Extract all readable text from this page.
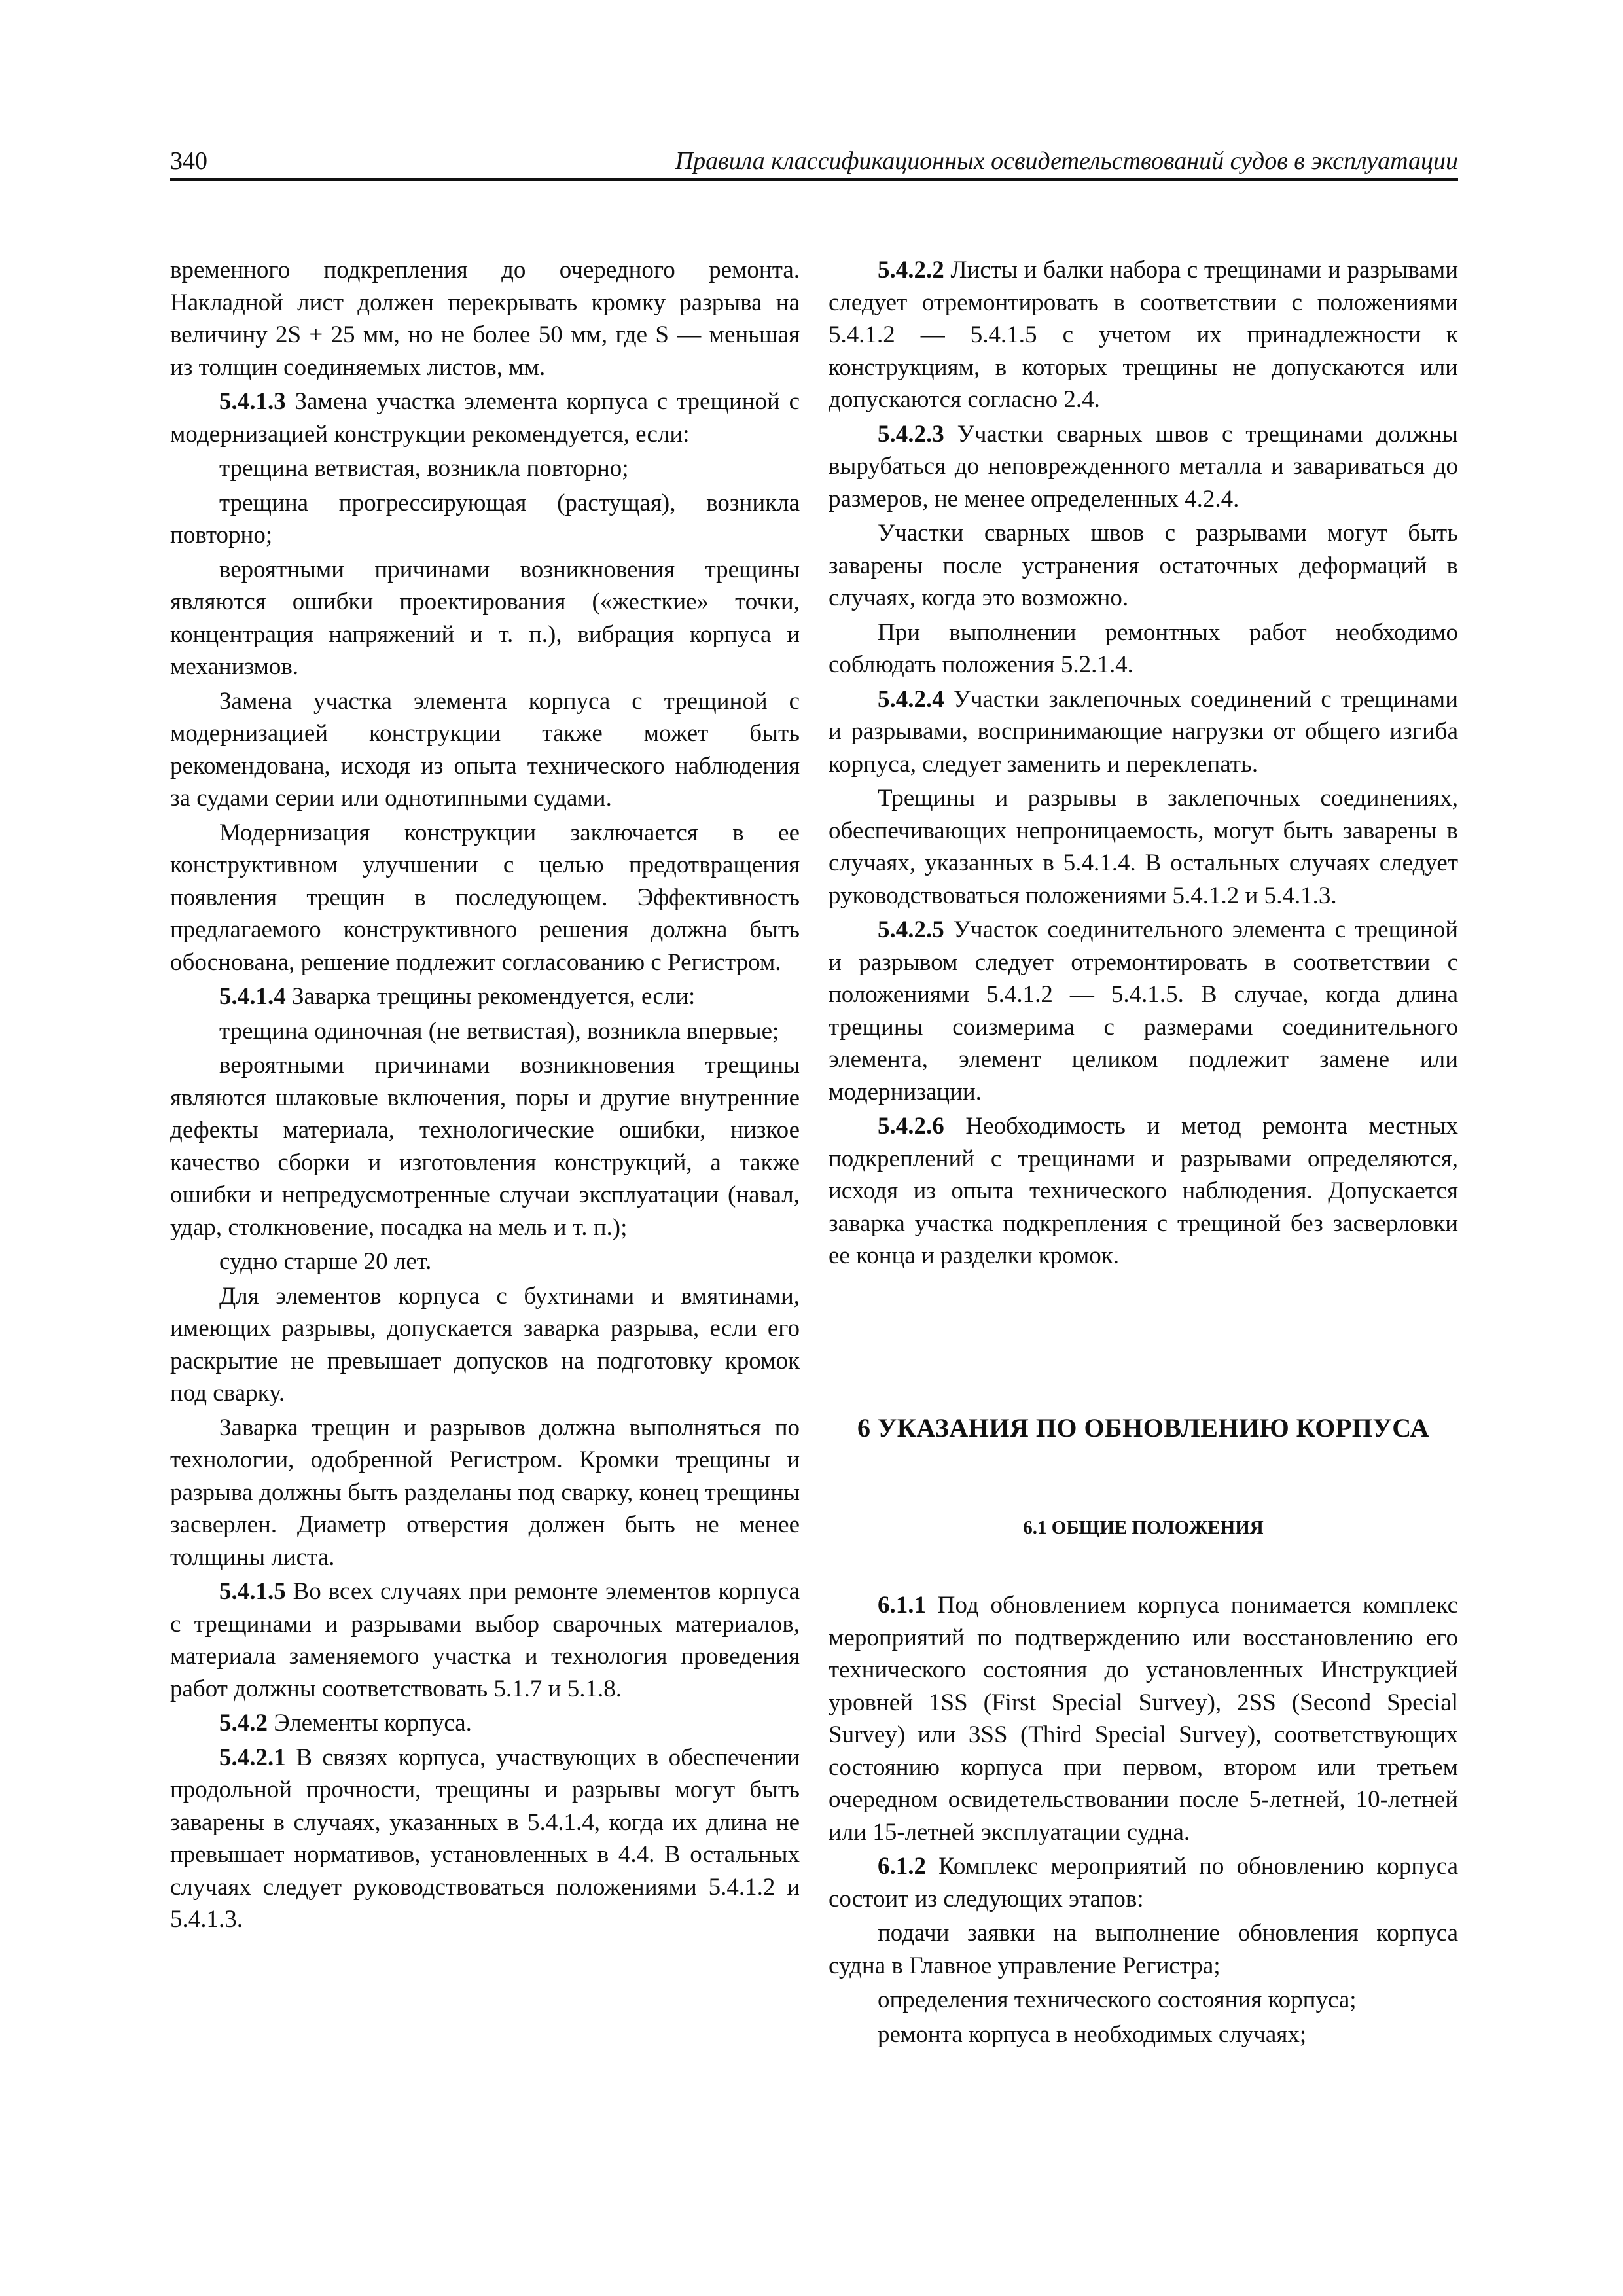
340	Правила классификационных освидетельствований судов в эксплуатации

временного подкрепления до очередного ремонта. Накладной лист должен перекрывать кромку разрыва на величину 2S + 25 мм, но не более 50 мм, где S — меньшая из толщин соединяемых листов, мм.

5.4.1.3 Замена участка элемента корпуса с трещиной с модернизацией конструкции рекомендуется, если:

трещина ветвистая, возникла повторно;

трещина прогрессирующая (растущая), возникла повторно;

вероятными причинами возникновения трещины являются ошибки проектирования («жесткие» точки, концентрация напряжений и т. п.), вибрация корпуса и механизмов.

Замена участка элемента корпуса с трещиной с модернизацией конструкции также может быть рекомендована, исходя из опыта технического наблюдения за судами серии или однотипными судами.

Модернизация конструкции заключается в ее конструктивном улучшении с целью предотвращения появления трещин в последующем. Эффективность предлагаемого конструктивного решения должна быть обоснована, решение подлежит согласованию с Регистром.

5.4.1.4 Заварка трещины рекомендуется, если:

трещина одиночная (не ветвистая), возникла впервые;

вероятными причинами возникновения трещины являются шлаковые включения, поры и другие внутренние дефекты материала, технологические ошибки, низкое качество сборки и изготовления конструкций, а также ошибки и непредусмотренные случаи эксплуатации (навал, удар, столкновение, посадка на мель и т. п.);

судно старше 20 лет.

Для элементов корпуса с бухтинами и вмятинами, имеющих разрывы, допускается заварка разрыва, если его раскрытие не превышает допусков на подготовку кромок под сварку.

Заварка трещин и разрывов должна выполняться по технологии, одобренной Регистром. Кромки трещины и разрыва должны быть разделаны под сварку, конец трещины засверлен. Диаметр отверстия должен быть не менее толщины листа.

5.4.1.5 Во всех случаях при ремонте элементов корпуса с трещинами и разрывами выбор сварочных материалов, материала заменяемого участка и технология проведения работ должны соответствовать 5.1.7 и 5.1.8.

5.4.2 Элементы корпуса.

5.4.2.1 В связях корпуса, участвующих в обеспечении продольной прочности, трещины и разрывы могут быть заварены в случаях, указанных в 5.4.1.4, когда их длина не превышает нормативов, установленных в 4.4. В остальных случаях следует руководствоваться положениями 5.4.1.2 и 5.4.1.3.

5.4.2.2 Листы и балки набора с трещинами и разрывами следует отремонтировать в соответствии с положениями 5.4.1.2 — 5.4.1.5 с учетом их принадлежности к конструкциям, в которых трещины не допускаются или допускаются согласно 2.4.

5.4.2.3 Участки сварных швов с трещинами должны вырубаться до неповрежденного металла и завариваться до размеров, не менее определенных 4.2.4.

Участки сварных швов с разрывами могут быть заварены после устранения остаточных деформаций в случаях, когда это возможно.

При выполнении ремонтных работ необходимо соблюдать положения 5.2.1.4.

5.4.2.4 Участки заклепочных соединений с трещинами и разрывами, воспринимающие нагрузки от общего изгиба корпуса, следует заменить и переклепать.

Трещины и разрывы в заклепочных соединениях, обеспечивающих непроницаемость, могут быть заварены в случаях, указанных в 5.4.1.4. В остальных случаях следует руководствоваться положениями 5.4.1.2 и 5.4.1.3.

5.4.2.5 Участок соединительного элемента с трещиной и разрывом следует отремонтировать в соответствии с положениями 5.4.1.2 — 5.4.1.5. В случае, когда длина трещины соизмерима с размерами соединительного элемента, элемент целиком подлежит замене или модернизации.

5.4.2.6 Необходимость и метод ремонта местных подкреплений с трещинами и разрывами определяются, исходя из опыта технического наблюдения. Допускается заварка участка подкрепления с трещиной без засверловки ее конца и разделки кромок.

6 УКАЗАНИЯ ПО ОБНОВЛЕНИЮ КОРПУСА
6.1 ОБЩИЕ ПОЛОЖЕНИЯ

6.1.1 Под обновлением корпуса понимается комплекс мероприятий по подтверждению или восстановлению его технического состояния до установленных Инструкцией уровней 1SS (First Special Survey), 2SS (Second Special Survey) или 3SS (Third Special Survey), соответствующих состоянию корпуса при первом, втором или третьем очередном освидетельствовании после 5-летней, 10-летней или 15-летней эксплуатации судна.

6.1.2 Комплекс мероприятий по обновлению корпуса состоит из следующих этапов:

подачи заявки на выполнение обновления корпуса судна в Главное управление Регистра;

определения технического состояния корпуса;

ремонта корпуса в необходимых случаях;
